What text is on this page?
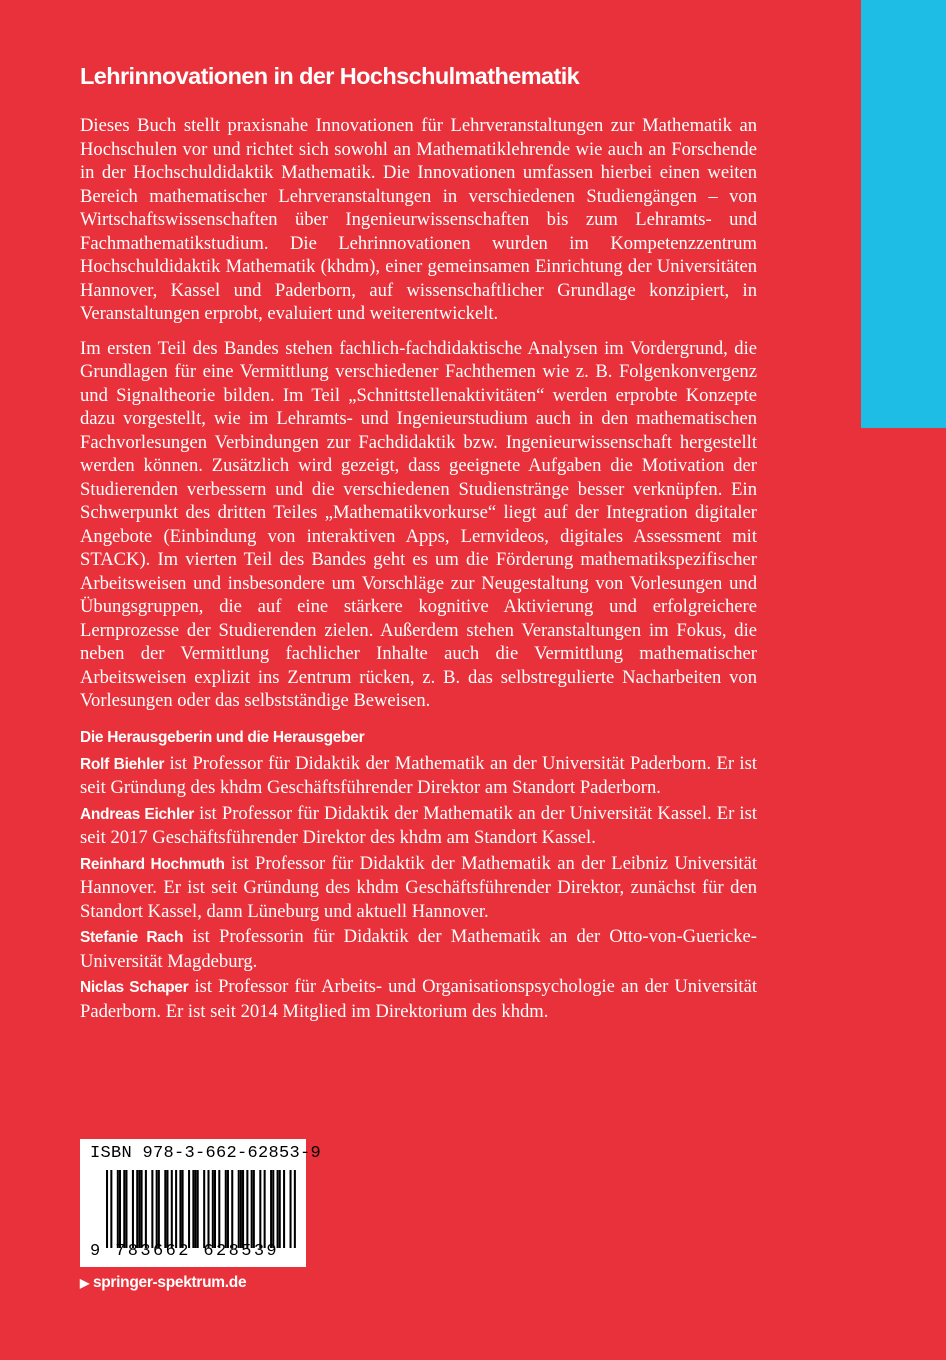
Lehrinnovationen in der Hochschulmathematik

Dieses Buch stellt praxisnahe Innovationen für Lehrveranstaltungen zur Mathematik an Hochschulen vor und richtet sich sowohl an Mathematiklehrende wie auch an Forschende in der Hochschuldidaktik Mathematik. Die Innovationen umfassen hierbei einen weiten Bereich mathematischer Lehrveranstaltungen in verschiedenen Studiengängen – von Wirtschaftswissenschaften über Ingenieurwissenschaften bis zum Lehramts- und Fachmathematikstudium. Die Lehrinnovationen wurden im Kompetenzzentrum Hochschuldidaktik Mathematik (khdm), einer gemeinsamen Einrichtung der Universitäten Hannover, Kassel und Paderborn, auf wissenschaftlicher Grundlage konzipiert, in Veranstaltungen erprobt, evaluiert und weiterentwickelt.

Im ersten Teil des Bandes stehen fachlich-fachdidaktische Analysen im Vordergrund, die Grundlagen für eine Vermittlung verschiedener Fachthemen wie z. B. Folgenkonvergenz und Signaltheorie bilden. Im Teil „Schnittstellenaktivitäten“ werden erprobte Konzepte dazu vorgestellt, wie im Lehramts- und Ingenieurstudium auch in den mathematischen Fachvorlesungen Verbindungen zur Fachdidaktik bzw. Ingenieurwissenschaft hergestellt werden können. Zusätzlich wird gezeigt, dass geeignete Aufgaben die Motivation der Studierenden verbessern und die verschiedenen Studienstränge besser verknüpfen. Ein Schwerpunkt des dritten Teiles „Mathematikvorkurse“ liegt auf der Integration digitaler Angebote (Einbindung von interaktiven Apps, Lernvideos, digitales Assessment mit STACK). Im vierten Teil des Bandes geht es um die Förderung mathematikspezifischer Arbeitsweisen und insbesondere um Vorschläge zur Neugestaltung von Vorlesungen und Übungsgruppen, die auf eine stärkere kognitive Aktivierung und erfolgreichere Lernprozesse der Studierenden zielen. Außerdem stehen Veranstaltungen im Fokus, die neben der Vermittlung fachlicher Inhalte auch die Vermittlung mathematischer Arbeitsweisen explizit ins Zentrum rücken, z. B. das selbstregulierte Nacharbeiten von Vorlesungen oder das selbstständige Beweisen.

Die Herausgeberin und die Herausgeber

Rolf Biehler ist Professor für Didaktik der Mathematik an der Universität Paderborn. Er ist seit Gründung des khdm Geschäftsführender Direktor am Standort Paderborn.

Andreas Eichler ist Professor für Didaktik der Mathematik an der Universität Kassel. Er ist seit 2017 Geschäftsführender Direktor des khdm am Standort Kassel.

Reinhard Hochmuth ist Professor für Didaktik der Mathematik an der Leibniz Universität Hannover. Er ist seit Gründung des khdm Geschäftsführender Direktor, zunächst für den Standort Kassel, dann Lüneburg und aktuell Hannover.

Stefanie Rach ist Professorin für Didaktik der Mathematik an der Otto-von-Guericke-Universität Magdeburg.

Niclas Schaper ist Professor für Arbeits- und Organisationspsychologie an der Universität Paderborn. Er ist seit 2014 Mitglied im Direktorium des khdm.

ISBN 978-3-662-62853-9
9 783662 628539
▶ springer-spektrum.de
